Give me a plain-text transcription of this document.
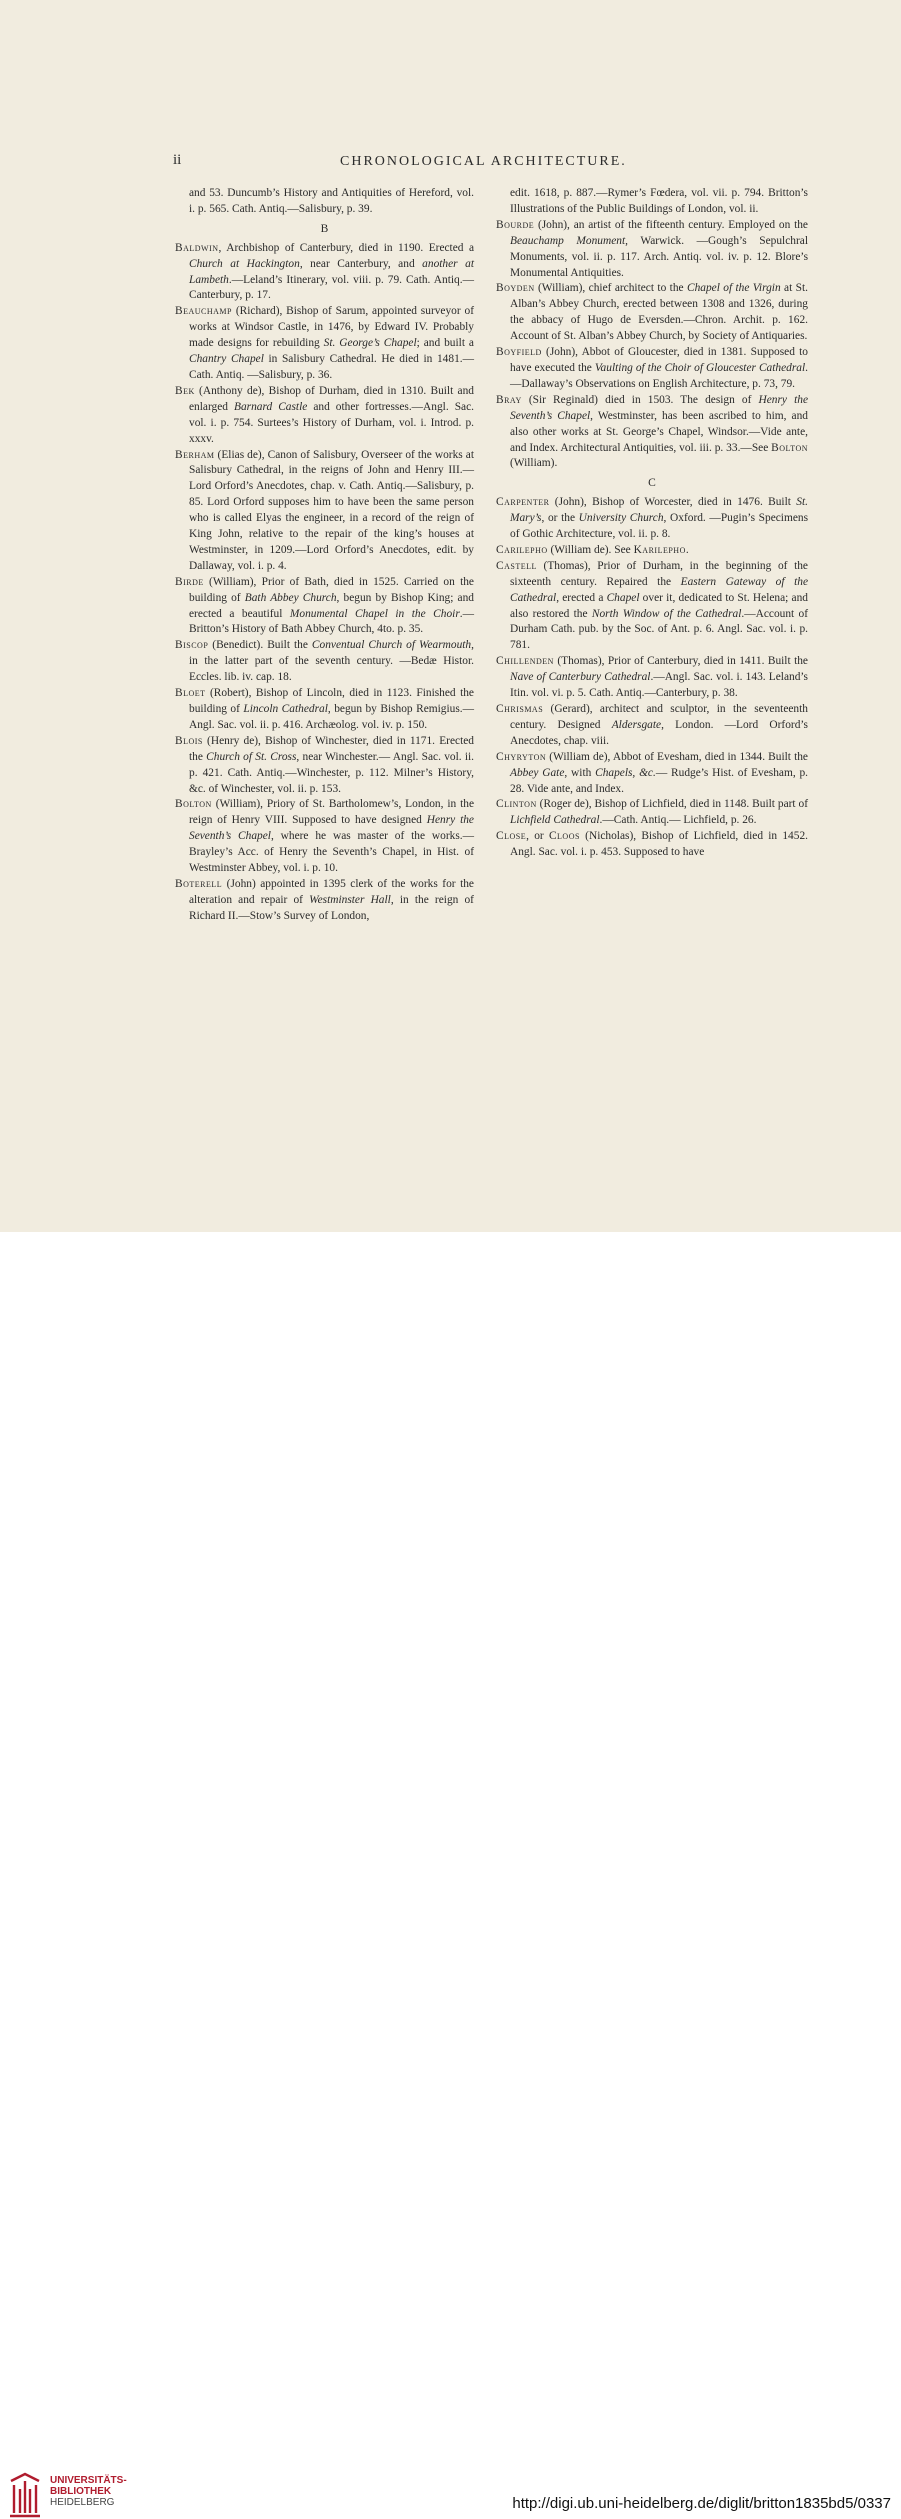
ii	CHRONOLOGICAL ARCHITECTURE.

and 53. Duncumb’s History and Antiquities of Hereford, vol. i. p. 565. Cath. Antiq.—Salisbury, p. 39.

B

Baldwin, Archbishop of Canterbury, died in 1190. Erected a Church at Hackington, near Canterbury, and another at Lambeth.—Leland’s Itinerary, vol. viii. p. 79. Cath. Antiq.—Canterbury, p. 17.

Beauchamp (Richard), Bishop of Sarum, appointed surveyor of works at Windsor Castle, in 1476, by Edward IV. Probably made designs for rebuilding St. George’s Chapel; and built a Chantry Chapel in Salisbury Cathedral. He died in 1481.—Cath. Antiq. —Salisbury, p. 36.

Bek (Anthony de), Bishop of Durham, died in 1310. Built and enlarged Barnard Castle and other fortresses.—Angl. Sac. vol. i. p. 754. Surtees’s History of Durham, vol. i. Introd. p. xxxv.

Berham (Elias de), Canon of Salisbury, Overseer of the works at Salisbury Cathedral, in the reigns of John and Henry III.—Lord Orford’s Anecdotes, chap. v. Cath. Antiq.—Salisbury, p. 85. Lord Orford supposes him to have been the same person who is called Elyas the engineer, in a record of the reign of King John, relative to the repair of the king’s houses at Westminster, in 1209.—Lord Orford’s Anecdotes, edit. by Dallaway, vol. i. p. 4.

Birde (William), Prior of Bath, died in 1525. Carried on the building of Bath Abbey Church, begun by Bishop King; and erected a beautiful Monumental Chapel in the Choir.—Britton’s History of Bath Abbey Church, 4to. p. 35.

Biscop (Benedict). Built the Conventual Church of Wearmouth, in the latter part of the seventh century. —Bedæ Histor. Eccles. lib. iv. cap. 18.

Bloet (Robert), Bishop of Lincoln, died in 1123. Finished the building of Lincoln Cathedral, begun by Bishop Remigius.—Angl. Sac. vol. ii. p. 416. Archæolog. vol. iv. p. 150.

Blois (Henry de), Bishop of Winchester, died in 1171. Erected the Church of St. Cross, near Winchester.— Angl. Sac. vol. ii. p. 421. Cath. Antiq.—Winchester, p. 112. Milner’s History, &c. of Winchester, vol. ii. p. 153.

Bolton (William), Priory of St. Bartholomew’s, London, in the reign of Henry VIII. Supposed to have designed Henry the Seventh’s Chapel, where he was master of the works.—Brayley’s Acc. of Henry the Seventh’s Chapel, in Hist. of Westminster Abbey, vol. i. p. 10.

Boterell (John) appointed in 1395 clerk of the works for the alteration and repair of Westminster Hall, in the reign of Richard II.—Stow’s Survey of London,

edit. 1618, p. 887.—Rymer’s Fœdera, vol. vii. p. 794. Britton’s Illustrations of the Public Buildings of London, vol. ii.

Bourde (John), an artist of the fifteenth century. Employed on the Beauchamp Monument, Warwick. —Gough’s Sepulchral Monuments, vol. ii. p. 117. Arch. Antiq. vol. iv. p. 12. Blore’s Monumental Antiquities.

Boyden (William), chief architect to the Chapel of the Virgin at St. Alban’s Abbey Church, erected between 1308 and 1326, during the abbacy of Hugo de Eversden.—Chron. Archit. p. 162. Account of St. Alban’s Abbey Church, by Society of Antiquaries.

Boyfield (John), Abbot of Gloucester, died in 1381. Supposed to have executed the Vaulting of the Choir of Gloucester Cathedral.—Dallaway’s Observations on English Architecture, p. 73, 79.

Bray (Sir Reginald) died in 1503. The design of Henry the Seventh’s Chapel, Westminster, has been ascribed to him, and also other works at St. George’s Chapel, Windsor.—Vide ante, and Index. Architectural Antiquities, vol. iii. p. 33.—See Bolton (William).

C

Carpenter (John), Bishop of Worcester, died in 1476. Built St. Mary’s, or the University Church, Oxford. —Pugin’s Specimens of Gothic Architecture, vol. ii. p. 8.

Carilepho (William de). See Karilepho.

Castell (Thomas), Prior of Durham, in the beginning of the sixteenth century. Repaired the Eastern Gateway of the Cathedral, erected a Chapel over it, dedicated to St. Helena; and also restored the North Window of the Cathedral.—Account of Durham Cath. pub. by the Soc. of Ant. p. 6. Angl. Sac. vol. i. p. 781.

Chillenden (Thomas), Prior of Canterbury, died in 1411. Built the Nave of Canterbury Cathedral.—Angl. Sac. vol. i. 143. Leland’s Itin. vol. vi. p. 5. Cath. Antiq.—Canterbury, p. 38.

Chrismas (Gerard), architect and sculptor, in the seventeenth century. Designed Aldersgate, London. —Lord Orford’s Anecdotes, chap. viii.

Chyryton (William de), Abbot of Evesham, died in 1344. Built the Abbey Gate, with Chapels, &c.— Rudge’s Hist. of Evesham, p. 28. Vide ante, and Index.

Clinton (Roger de), Bishop of Lichfield, died in 1148. Built part of Lichfield Cathedral.—Cath. Antiq.— Lichfield, p. 26.

Close, or Cloos (Nicholas), Bishop of Lichfield, died in 1452. Angl. Sac. vol. i. p. 453. Supposed to have

UNIVERSITÄTS-
BIBLIOTHEK
HEIDELBERG	http://digi.ub.uni-heidelberg.de/diglit/britton1835bd5/0337
